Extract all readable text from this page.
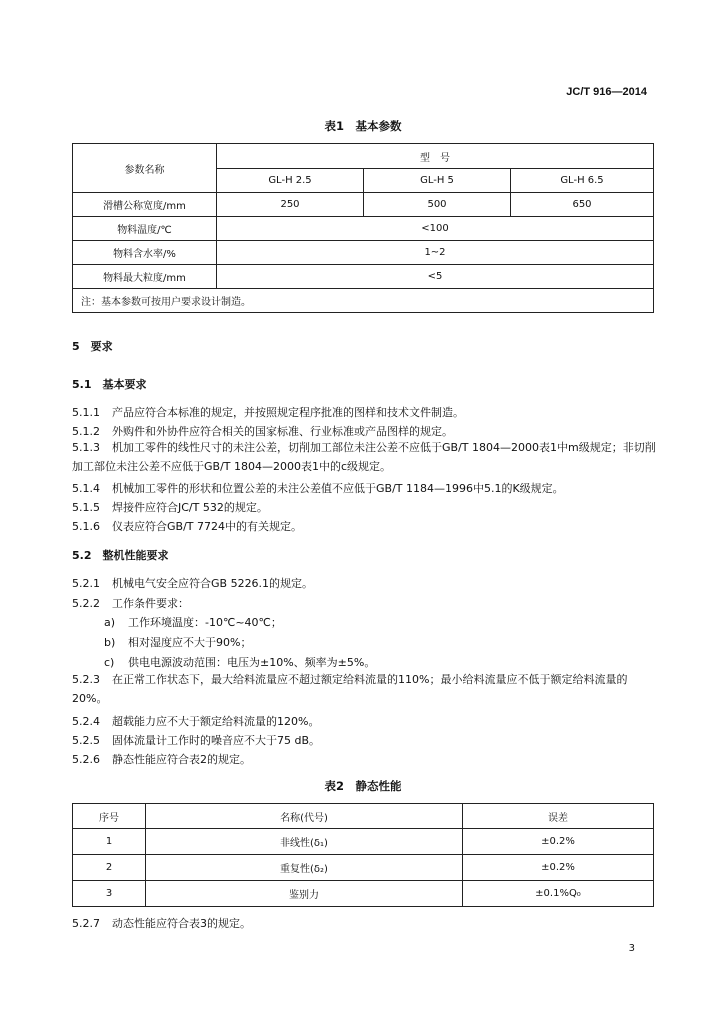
JC/T 916—2014
表1　基本参数
参数名称	型　号		
	GL-H 2.5	GL-H 5	GL-H 6.5
滑槽公称宽度/mm	250	500	650
物料温度/℃	<100		
物料含水率/%	1~2		
物料最大粒度/mm	<5		
注：基本参数可按用户要求设计制造。			
5　要求
5.1　基本要求
5.1.1 产品应符合本标准的规定，并按照规定程序批准的图样和技术文件制造。
5.1.2 外购件和外协件应符合相关的国家标准、行业标准或产品图样的规定。
5.1.3 机加工零件的线性尺寸的未注公差，切削加工部位未注公差不应低于GB/T 1804—2000表1中m级规定；非切削加工部位未注公差不应低于GB/T 1804—2000表1中的c级规定。
5.1.4 机械加工零件的形状和位置公差的未注公差值不应低于GB/T 1184—1996中5.1的K级规定。
5.1.5 焊接件应符合JC/T 532的规定。
5.1.6 仪表应符合GB/T 7724中的有关规定。
5.2　整机性能要求
5.2.1 机械电气安全应符合GB 5226.1的规定。
5.2.2 工作条件要求：
a) 工作环境温度：-10℃~40℃；
b) 相对湿度应不大于90%；
c) 供电电源波动范围：电压为±10%、频率为±5%。
5.2.3 在正常工作状态下，最大给料流量应不超过额定给料流量的110%；最小给料流量应不低于额定给料流量的20%。
5.2.4 超载能力应不大于额定给料流量的120%。
5.2.5 固体流量计工作时的噪音应不大于75 dB。
5.2.6 静态性能应符合表2的规定。
表2　静态性能
序号	名称(代号)	误差
1	非线性(δ₁)	±0.2%
2	重复性(δ₂)	±0.2%
3	鉴别力	±0.1%Q₀
5.2.7 动态性能应符合表3的规定。
3
